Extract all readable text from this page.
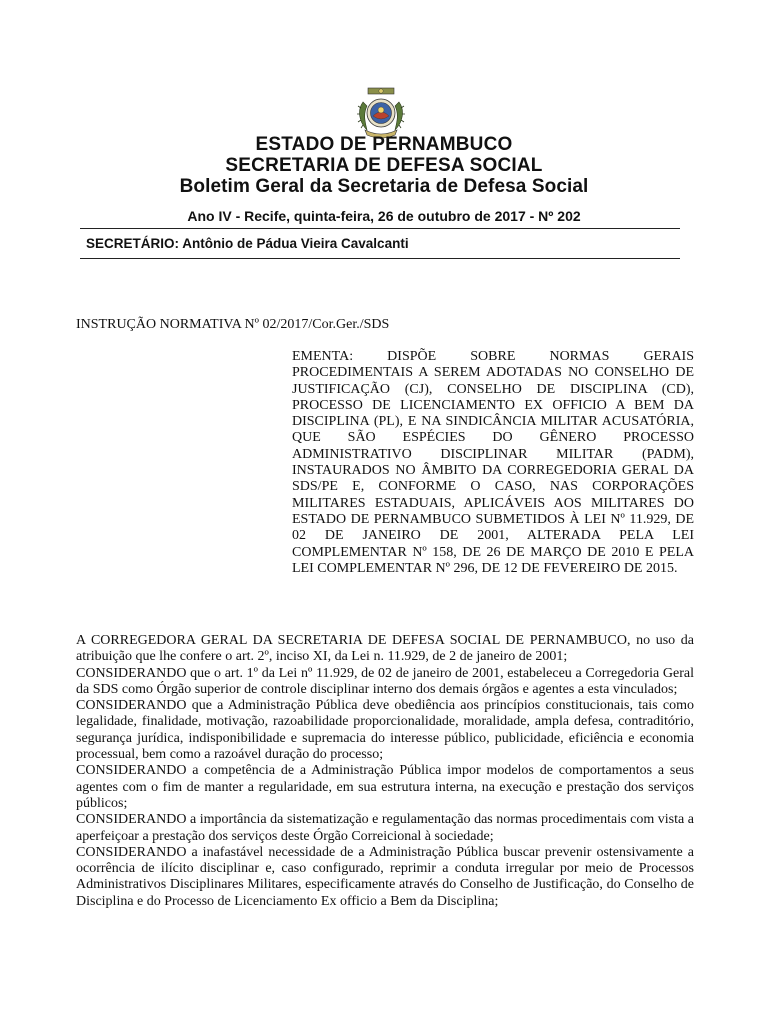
ESTADO DE PERNAMBUCO
SECRETARIA DE DEFESA SOCIAL
Boletim Geral da Secretaria de Defesa Social
Ano IV - Recife, quinta-feira, 26 de outubro de 2017 - Nº 202
SECRETÁRIO: Antônio de Pádua Vieira Cavalcanti
INSTRUÇÃO NORMATIVA Nº 02/2017/Cor.Ger./SDS

EMENTA: DISPÕE SOBRE NORMAS GERAIS PROCEDIMENTAIS A SEREM ADOTADAS NO CONSELHO DE JUSTIFICAÇÃO (CJ), CONSELHO DE DISCIPLINA (CD), PROCESSO DE LICENCIAMENTO EX OFFICIO A BEM DA DISCIPLINA (PL), E NA SINDICÂNCIA MILITAR ACUSATÓRIA, QUE SÃO ESPÉCIES DO GÊNERO PROCESSO ADMINISTRATIVO DISCIPLINAR MILITAR (PADM), INSTAURADOS NO ÂMBITO DA CORREGEDORIA GERAL DA SDS/PE E, CONFORME O CASO, NAS CORPORAÇÕES MILITARES ESTADUAIS, APLICÁVEIS AOS MILITARES DO ESTADO DE PERNAMBUCO SUBMETIDOS À LEI Nº 11.929, DE 02 DE JANEIRO DE 2001, ALTERADA PELA LEI COMPLEMENTAR Nº 158, DE 26 DE MARÇO DE 2010 E PELA LEI COMPLEMENTAR Nº 296, DE 12 DE FEVEREIRO DE 2015.

A CORREGEDORA GERAL DA SECRETARIA DE DEFESA SOCIAL DE PERNAMBUCO, no uso da atribuição que lhe confere o art. 2º, inciso XI, da Lei n. 11.929, de 2 de janeiro de 2001;

CONSIDERANDO que o art. 1º da Lei nº 11.929, de 02 de janeiro de 2001, estabeleceu a Corregedoria Geral da SDS como Órgão superior de controle disciplinar interno dos demais órgãos e agentes a esta vinculados;

CONSIDERANDO que a Administração Pública deve obediência aos princípios constitucionais, tais como legalidade, finalidade, motivação, razoabilidade proporcionalidade, moralidade, ampla defesa, contraditório, segurança jurídica, indisponibilidade e supremacia do interesse público, publicidade, eficiência e economia processual, bem como a razoável duração do processo;

CONSIDERANDO a competência de a Administração Pública impor modelos de comportamentos a seus agentes com o fim de manter a regularidade, em sua estrutura interna, na execução e prestação dos serviços públicos;

CONSIDERANDO a importância da sistematização e regulamentação das normas procedimentais com vista a aperfeiçoar a prestação dos serviços deste Órgão Correicional à sociedade;

CONSIDERANDO a inafastável necessidade de a Administração Pública buscar prevenir ostensivamente a ocorrência de ilícito disciplinar e, caso configurado, reprimir a conduta irregular por meio de Processos Administrativos Disciplinares Militares, especificamente através do Conselho de Justificação, do Conselho de Disciplina e do Processo de Licenciamento Ex officio a Bem da Disciplina;
